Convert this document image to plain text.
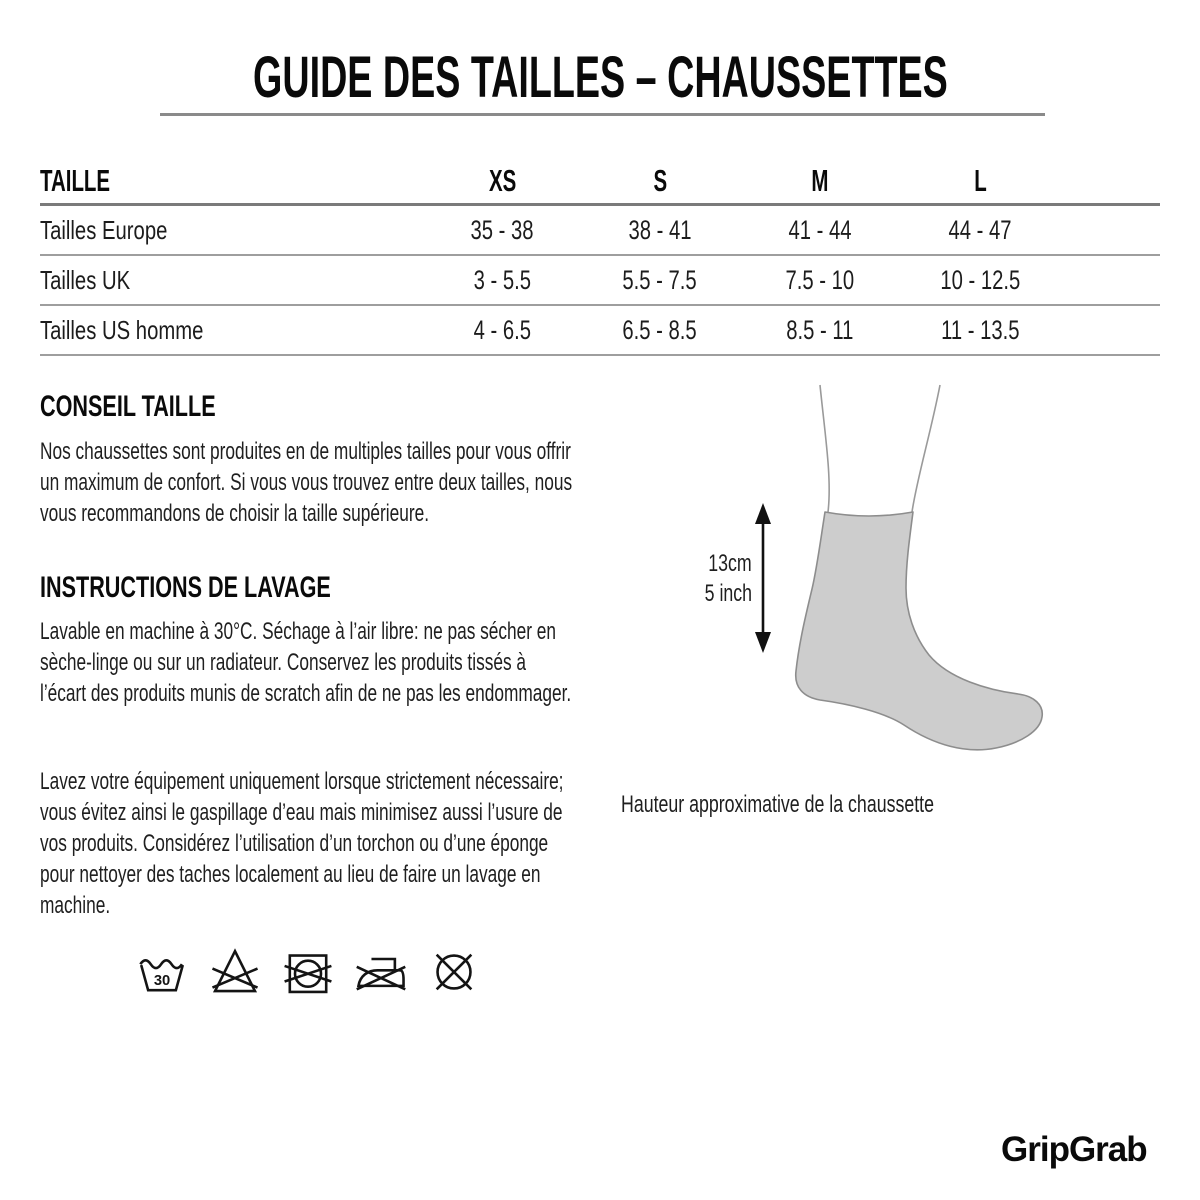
GUIDE DES TAILLES – CHAUSSETTES
TAILLE	XS	S	M	L
Tailles Europe	35 - 38	38 - 41	41 - 44	44 - 47
Tailles UK	3 - 5.5	5.5 - 7.5	7.5 - 10	10 - 12.5
Tailles US homme	4 - 6.5	6.5 - 8.5	8.5 - 11	11 - 13.5
CONSEIL TAILLE
Nos chaussettes sont produites en de multiples tailles pour vous offrir un maximum de confort. Si vous vous trouvez entre deux tailles, nous vous recommandons de choisir la taille supérieure.
INSTRUCTIONS DE LAVAGE
Lavable en machine à 30°C. Séchage à l’air libre: ne pas sécher en sèche-linge ou sur un radiateur. Conservez les produits tissés à l’écart des produits munis de scratch afin de ne pas les endommager.
Lavez votre équipement uniquement lorsque strictement nécessaire; vous évitez ainsi le gaspillage d’eau mais minimisez aussi l’usure de vos produits. Considérez l’utilisation d’un torchon ou d’une éponge pour nettoyer des taches localement au lieu de faire un lavage en machine.
30
13cm
5 inch
Hauteur approximative de la chaussette
GripGrab
